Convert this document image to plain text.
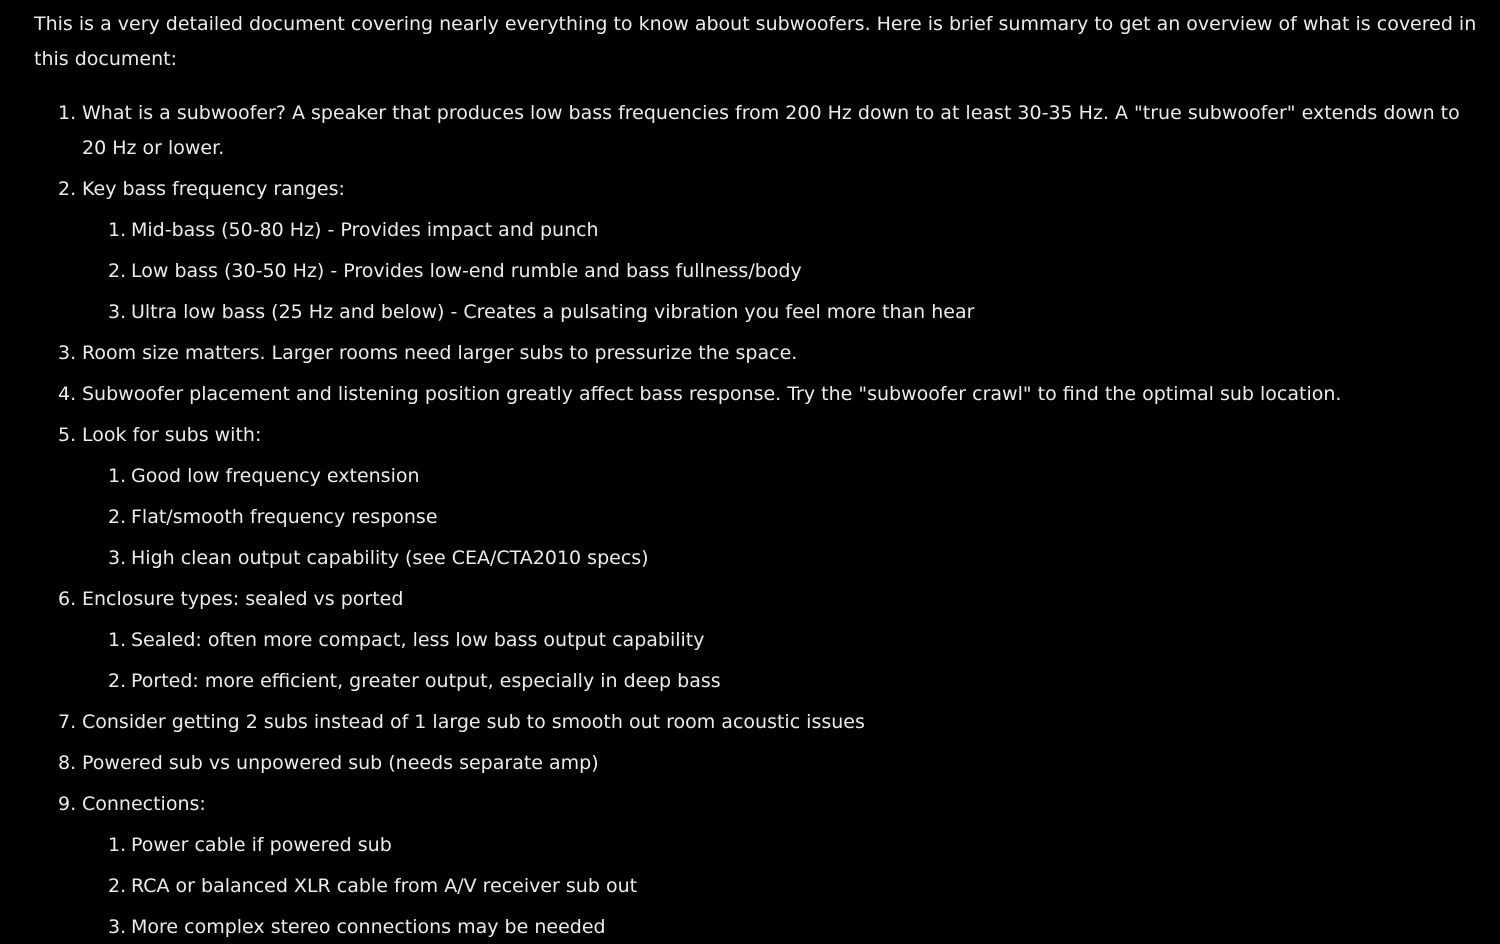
This is a very detailed document covering nearly everything to know about subwoofers. Here is brief summary to get an overview of what is covered in this document:

1. What is a subwoofer? A speaker that produces low bass frequencies from 200 Hz down to at least 30-35 Hz. A "true subwoofer" extends down to 20 Hz or lower.
2. Key bass frequency ranges:
1. Mid-bass (50-80 Hz) - Provides impact and punch
2. Low bass (30-50 Hz) - Provides low-end rumble and bass fullness/body
3. Ultra low bass (25 Hz and below) - Creates a pulsating vibration you feel more than hear
3. Room size matters. Larger rooms need larger subs to pressurize the space.
4. Subwoofer placement and listening position greatly affect bass response. Try the "subwoofer crawl" to find the optimal sub location.
5. Look for subs with:
1. Good low frequency extension
2. Flat/smooth frequency response
3. High clean output capability (see CEA/CTA2010 specs)
6. Enclosure types: sealed vs ported
1. Sealed: often more compact, less low bass output capability
2. Ported: more efficient, greater output, especially in deep bass
7. Consider getting 2 subs instead of 1 large sub to smooth out room acoustic issues
8. Powered sub vs unpowered sub (needs separate amp)
9. Connections:
1. Power cable if powered sub
2. RCA or balanced XLR cable from A/V receiver sub out
3. More complex stereo connections may be needed
